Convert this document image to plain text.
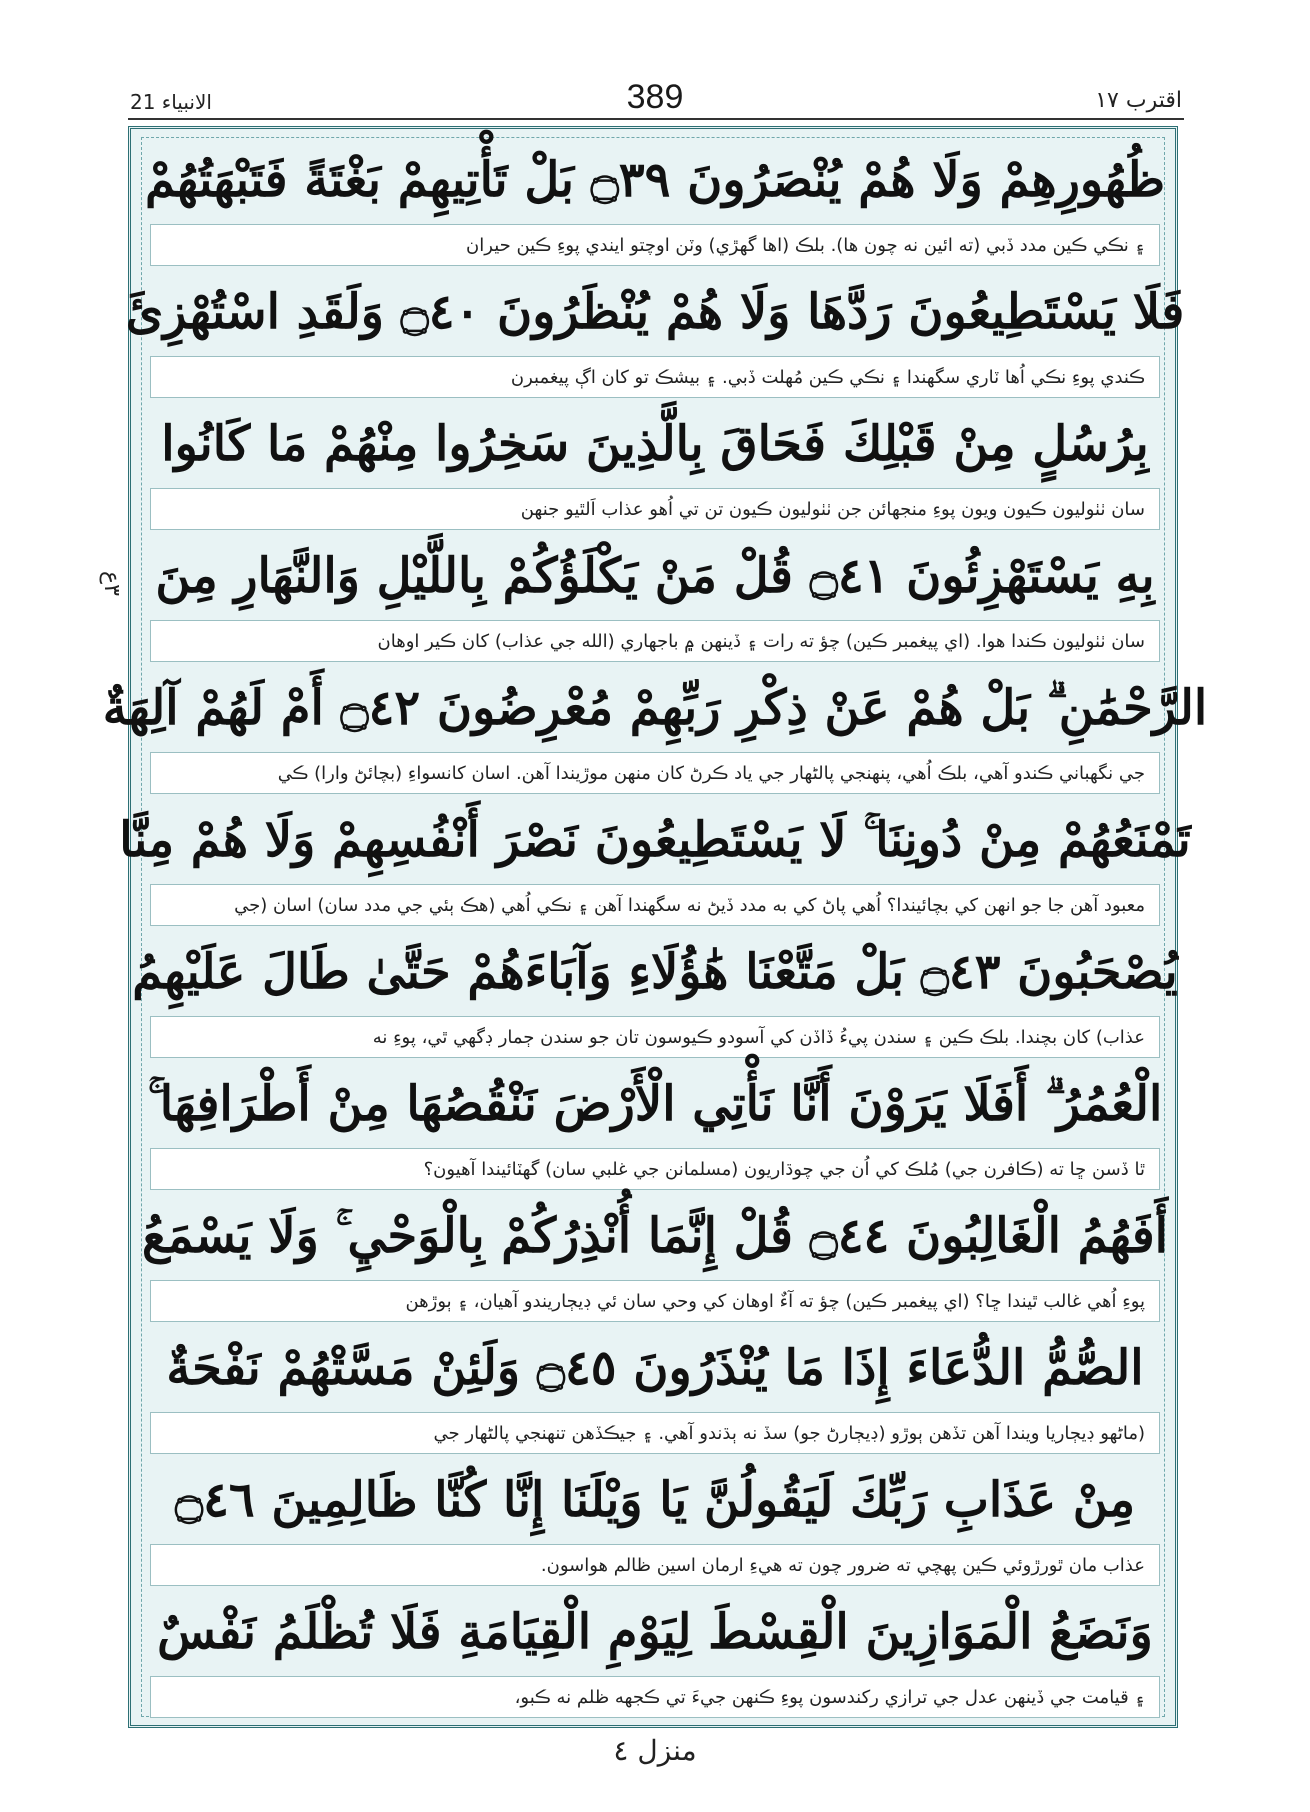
الانبياء 21	389	اقترب ١٧
٣ع
ظُهُورِهِمْ وَلَا هُمْ يُنْصَرُونَ ۝٣٩ بَلْ تَأْتِيهِمْ بَغْتَةً فَتَبْهَتُهُمْ
۽ نڪي ڪين مدد ڏبي (ته ائين نه چون ها). بلڪ (اها گهڙي) وٽن اوچتو ايندي پوءِ ڪين حيران
فَلَا يَسْتَطِيعُونَ رَدَّهَا وَلَا هُمْ يُنْظَرُونَ ۝٤٠ وَلَقَدِ اسْتُهْزِئَ
ڪندي پوءِ نڪي اُها ٽاري سگهندا ۽ نڪي ڪين مُهلت ڏبي. ۽ بيشڪ تو کان اڳ پيغمبرن
بِرُسُلٍ مِنْ قَبْلِكَ فَحَاقَ بِالَّذِينَ سَخِرُوا مِنْهُمْ مَا كَانُوا
سان ٺٺوليون ڪيون ويون پوءِ منجهائن جن ٺٺوليون ڪيون تن تي اُهو عذاب اَلٿيو جنهن
بِهِ يَسْتَهْزِئُونَ ۝٤١ قُلْ مَنْ يَكْلَؤُكُمْ بِاللَّيْلِ وَالنَّهَارِ مِنَ
سان ٺٺوليون ڪندا هوا. (اي پيغمبر ڪين) چؤ ته رات ۽ ڏينهن ۾ باجهاري (الله جي عذاب) کان ڪير اوهان
الرَّحْمَٰنِ ۗ بَلْ هُمْ عَنْ ذِكْرِ رَبِّهِمْ مُعْرِضُونَ ۝٤٢ أَمْ لَهُمْ آلِهَةٌ
جي نگهباني ڪندو آهي، بلڪ اُهي، پنهنجي پالڻهار جي ياد ڪرڻ کان منهن موڙيندا آهن. اسان کانسواءِ (بچائڻ وارا) ڪي
تَمْنَعُهُمْ مِنْ دُونِنَا ۚ لَا يَسْتَطِيعُونَ نَصْرَ أَنْفُسِهِمْ وَلَا هُمْ مِنَّا
معبود آهن جا جو انهن کي بچائيندا؟ اُهي پاڻ کي به مدد ڏيڻ نه سگهندا آهن ۽ نڪي اُهي (هڪ ٻئي جي مدد سان) اسان (جي
يُصْحَبُونَ ۝٤٣ بَلْ مَتَّعْنَا هَٰؤُلَاءِ وَآبَاءَهُمْ حَتَّىٰ طَالَ عَلَيْهِمُ
عذاب) کان بچندا. بلڪ ڪين ۽ سندن پيءُ ڏاڏن کي آسودو ڪيوسون تان جو سندن ڄمار ڊگهي ٿي، پوءِ نه
الْعُمُرُ ۗ أَفَلَا يَرَوْنَ أَنَّا نَأْتِي الْأَرْضَ نَنْقُصُهَا مِنْ أَطْرَافِهَا ۚ
ٿا ڏسن ڇا ته (ڪافرن جي) مُلڪ کي اُن جي چوڌاريون (مسلمانن جي غلبي سان) گهٽائيندا آهيون؟
أَفَهُمُ الْغَالِبُونَ ۝٤٤ قُلْ إِنَّمَا أُنْذِرُكُمْ بِالْوَحْيِ ۚ وَلَا يَسْمَعُ
پوءِ اُهي غالب ٿيندا ڇا؟ (اي پيغمبر ڪين) چؤ ته آءٌ اوهان کي وحي سان ئي ڊيڄاريندو آهيان، ۽ ٻوڙهن
الصُّمُّ الدُّعَاءَ إِذَا مَا يُنْذَرُونَ ۝٤٥ وَلَئِنْ مَسَّتْهُمْ نَفْحَةٌ
(ماڻهو ڊيڄاريا ويندا آهن تڏهن ٻوڙو (ڊيڄارڻ جو) سڏ نه ٻڌندو آهي. ۽ جيڪڏهن تنهنجي پالڻهار جي
مِنْ عَذَابِ رَبِّكَ لَيَقُولُنَّ يَا وَيْلَنَا إِنَّا كُنَّا ظَالِمِينَ ۝٤٦
عذاب مان ٿورڙوئي ڪين پهچي ته ضرور چون ته هيءِ ارمان اسين ظالم هواسون.
وَنَضَعُ الْمَوَازِينَ الْقِسْطَ لِيَوْمِ الْقِيَامَةِ فَلَا تُظْلَمُ نَفْسٌ
۽ قيامت جي ڏينهن عدل جي ترازي رکندسون پوءِ ڪنهن جيءَ تي ڪجهه ظلم نه ڪبو،
منزل ٤
